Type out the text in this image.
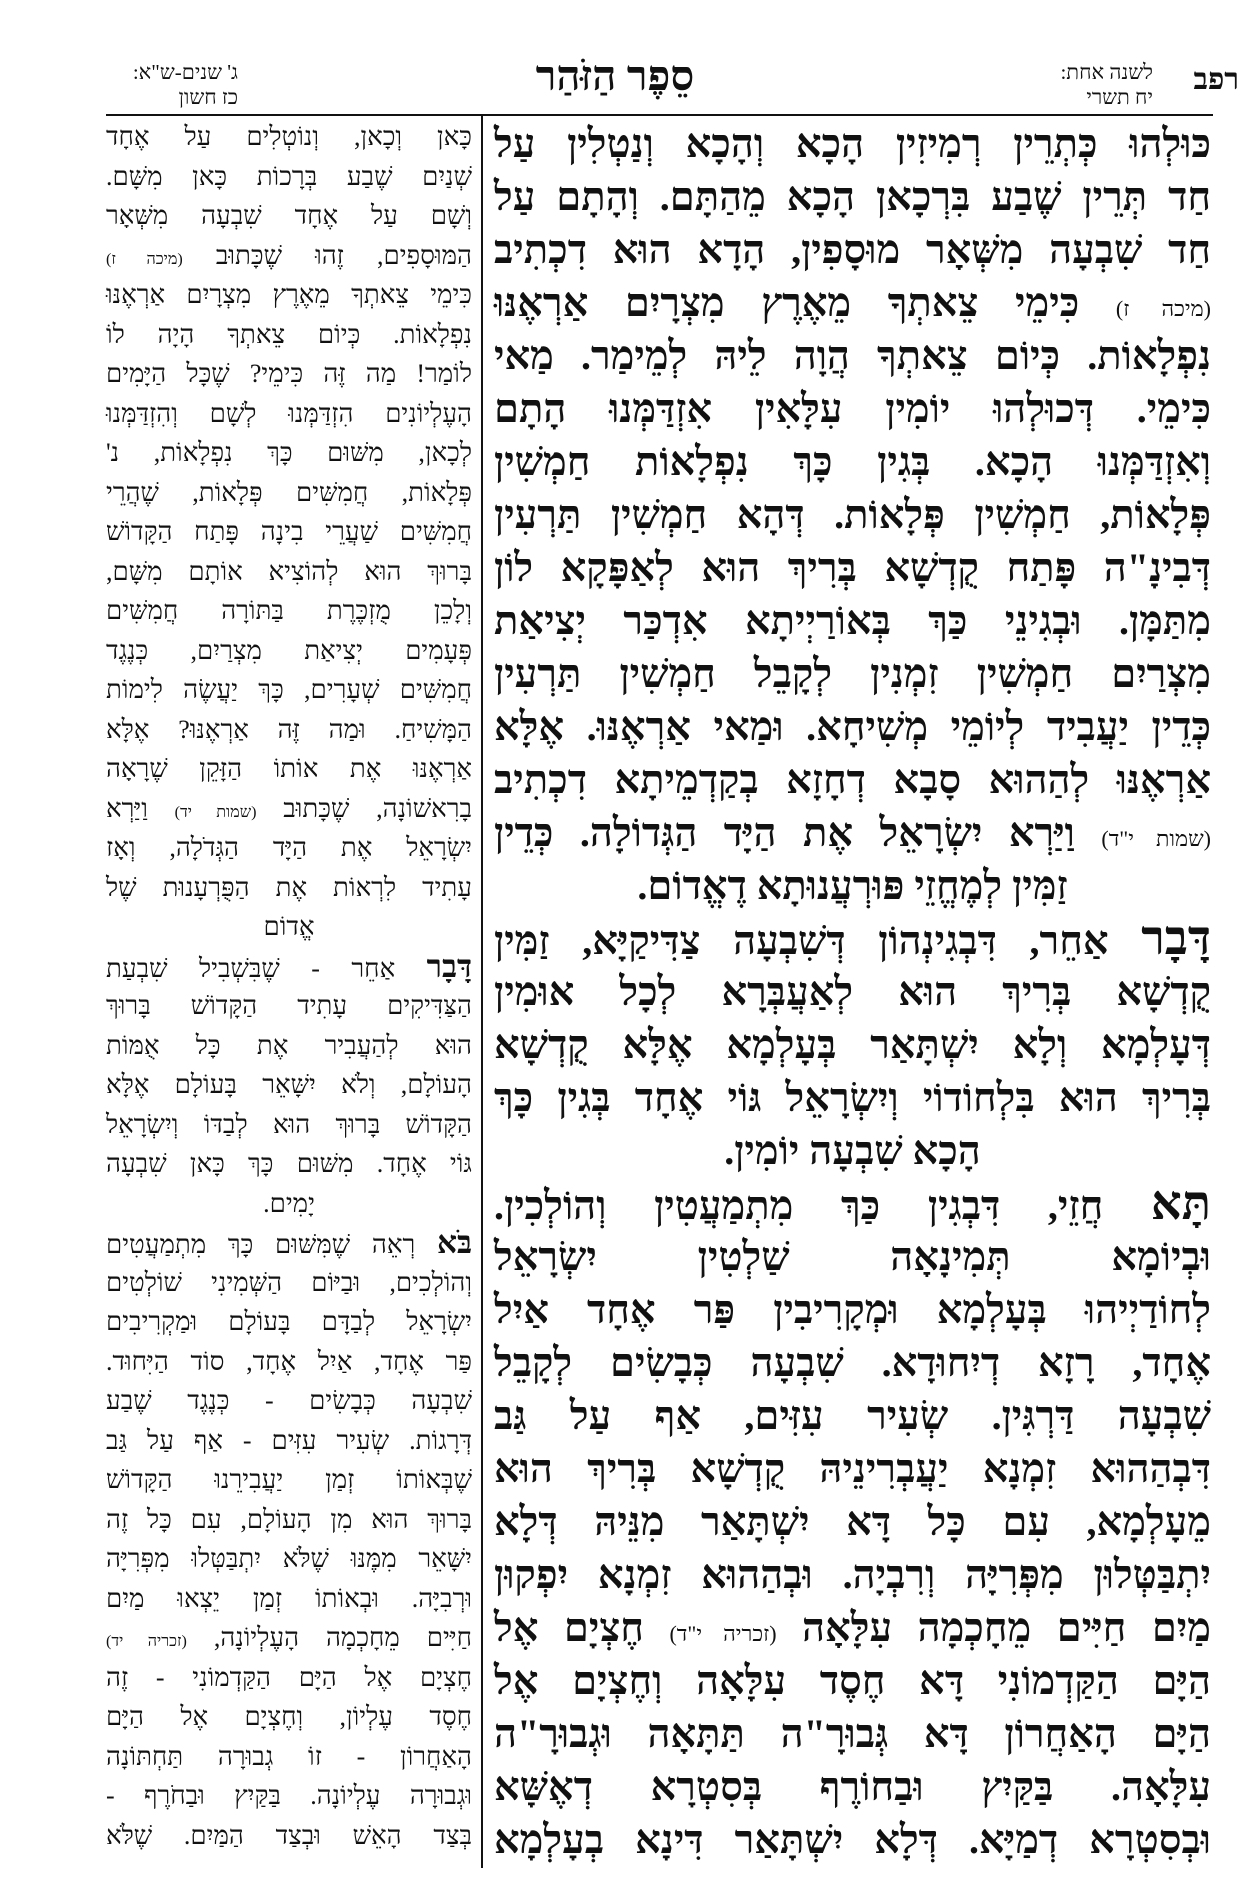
רפב
לשנה אחת:
יח תשרי
סֵפֶר הַזֹּהַר
ג' שנים-ש"א:
כז חשון
כּוּלְהוּ כְּתְרֵין רְמִיזִין הָכָא וְהָכָא וְנַטְלִין עַל
חַד תְּרֵין שֶׁבַע בִּרְכָאן הָכָא מֵהַתָּם. וְהָתָם עַל
חַד שִׁבְעָה מִשְּׁאָר מוּסָפִין, הָדָא הוּא דִכְתִיב
(מיכה ז) כִּימֵי צֵאתְךָ מֵאֶרֶץ מִצְרָיִם אַרְאֶנּוּ
נִפְלָאוֹת. כְּיוֹם צֵאתְךָ הֲוָה לֵיהּ לְמֵימַר. מַאי
כִּימֵי. דְּכוּלְהוּ יוֹמִין עִלָּאִין אִזְדַּמְּנוּ הָתָם
וְאִזְדַּמְּנוּ הָכָא. בְּגִין כָּךְ נִפְלָאוֹת חַמְשִׁין
פְּלָאוֹת, חַמְשִׁין פְּלָאוֹת. דְּהָא חַמְשִׁין תַּרְעִין
דְּבִינָ"ה פָּתַח קֻדְשָׁא בְּרִיךְ הוּא לְאַפָּקָא לוֹן
מִתַּמָּן. וּבְגִינֵי כַּךְ בְּאוֹרַיְיתָא אִדְכַּר יְצִיאַת
מִצְרַיִם חַמְשִׁין זִמְנִין לְקָבֵל חַמְשִׁין תַּרְעִין
כְּדֵין יַעֲבִיד לְיוֹמֵי מְשִׁיחָא. וּמַאי אַרְאֶנּוּ. אֶלָּא
אַרְאֶנּוּ לְהַהוּא סָבָא דְחָזָא בְקַדְמֵיתָא דִכְתִיב
(שמות י"ד) וַיַּרְא יִשְׂרָאֵל אֶת הַיָּד הַגְּדוֹלָה. כְּדֵין
זַמִּין לְמֶחֱזֵי פּוּרְעֲנוּתָא דֶאֱדוֹם.
דָּבָר אַחֵר, דִּבְגִינְהוֹן דְּשִׁבְעָה צַדִּיקַיָּא, זַמִּין
קֻדְשָׁא בְּרִיךְ הוּא לְאַעֲבְּרָא לְכָל אוּמִין
דְּעָלְמָא וְלָא יִשְׁתָּאַר בְּעָלְמָא אֶלָּא קֻדְשָׁא
בְּרִיךְ הוּא בִּלְחוֹדוֹי וְיִשְׂרָאֵל גּוֹי אֶחָד בְּגִין כָּךְ
הָכָא שִׁבְעָה יוֹמִין.
תָּא חֲזֵי, דִּבְגִין כַּךְ מִתְמַעֲטִין וְהוֹלְכִין.
וּבְיוֹמָא תְּמִינָאָה שַׁלְטִין יִשְׂרָאֵל
לְחוֹדַיְיהוּ בְּעָלְמָא וּמְקָרִיבִין פַּר אֶחָד אַיִל
אֶחָד, רָזָא דְיִחוּדָא. שִׁבְעָה כְּבָשִׂים לְקָבֵל
שִׁבְעָה דַּרְגִּין. שְׂעִיר עִזִּים, אַף עַל גַּב
דִּבְהַהוּא זִמְנָא יַעֲבְרִינֵיהּ קֻדְשָׁא בְּרִיךְ הוּא
מֵעָלְמָא, עִם כָּל דָּא יִשְׁתָּאַר מִנֵּיהּ דְּלָא
יִתְבַּטְּלוּן מִפְּרִיָּה וְרִבְיָה. וּבְהַהוּא זִמְנָא יִפְקוּן
מַיִם חַיִּים מֵחָכְמָה עִלָּאָה (זכריה י"ד) חֶצְיָם אֶל
הַיָּם הַקַּדְמוֹנִי דָּא חֶסֶד עִלָּאָה וְחֶצְיָם אֶל
הַיָּם הָאַחֲרוֹן דָּא גְּבוּרָ"ה תַּתָּאָה וּגְבוּרָ"ה
עִלָּאָה. בַּקַּיִץ וּבַחוֹרֶף בְּסִטְרָא דְאֶשָּׁא
וּבְסִטְרָא דְמַיָּא. דְּלָא יִשְׁתָּאַר דִּינָא בְעָלְמָא
כָּאן וְכָאן, וְנוֹטְלִים עַל אֶחָד
שְׁנַיִם שֶׁבַע בְּרָכוֹת כָּאן מִשָּׁם.
וְשָׁם עַל אֶחָד שִׁבְעָה מִשְּׁאָר
הַמּוּסָפִים, זֶהוּ שֶׁכָּתוּב (מיכה ז)
כִּימֵי צֵאתְךָ מֵאֶרֶץ מִצְרָיִם אַרְאֶנּוּ
נִפְלָאוֹת. כְּיוֹם צֵאתְךָ הָיָה לוֹ
לוֹמַר! מַה זֶּה כִּימֵי? שֶׁכָּל הַיָּמִים
הָעֶלְיוֹנִים הִזְדַּמְּנוּ לְשָׁם וְהִזְדַּמְּנוּ
לְכָאן, מִשּׁוּם כָּךְ נִפְלָאוֹת, נ'
פְּלָאוֹת, חֲמִשִּׁים פְּלָאוֹת, שֶׁהֲרֵי
חֲמִשִּׁים שַׁעֲרֵי בִינָה פָּתַח הַקָּדוֹשׁ
בָּרוּךְ הוּא לְהוֹצִיא אוֹתָם מִשָּׁם,
וְלָכֵן מֻזְכֶּרֶת בַּתּוֹרָה חֲמִשִּׁים
פְּעָמִים יְצִיאַת מִצְרַיִם, כְּנֶגֶד
חֲמִשִּׁים שְׁעָרִים, כָּךְ יַעֲשֶׂה לִימוֹת
הַמָּשִׁיחַ. וּמַה זֶּה אַרְאֶנּוּ? אֶלָּא
אַרְאֶנּוּ אֶת אוֹתוֹ הַזָּקֵן שֶׁרָאָה
בָרִאשׁוֹנָה, שֶׁכָּתוּב (שמות יד) וַיַּרְא
יִשְׂרָאֵל אֶת הַיָּד הַגְּדֹלָה, וְאָז
עָתִיד לִרְאוֹת אֶת הַפֻּרְעָנוּת שֶׁל
אֱדוֹם
דָּבָר אַחֵר - שֶׁבִּשְׁבִיל שִׁבְעַת
הַצַּדִּיקִים עָתִיד הַקָּדוֹשׁ בָּרוּךְ
הוּא לְהַעֲבִיר אֶת כָּל אֻמּוֹת
הָעוֹלָם, וְלֹא יִשָּׁאֵר בָּעוֹלָם אֶלָּא
הַקָּדוֹשׁ בָּרוּךְ הוּא לְבַדּוֹ וְיִשְׂרָאֵל
גּוֹי אֶחָד. מִשּׁוּם כָּךְ כָּאן שִׁבְעָה
יָמִים.
בֹּא רְאֵה שֶׁמִּשּׁוּם כָּךְ מִתְמַעֲטִים
וְהוֹלְכִים, וּבַיּוֹם הַשְּׁמִינִי שׁוֹלְטִים
יִשְׂרָאֵל לְבַדָּם בָּעוֹלָם וּמַקְרִיבִים
פַּר אֶחָד, אַיִל אֶחָד, סוֹד הַיִּחוּד.
שִׁבְעָה כְּבָשִׂים - כְּנֶגֶד שֶׁבַע
דְּרָגוֹת. שְׂעִיר עִזִּים - אַף עַל גַּב
שֶׁבְּאוֹתוֹ זְמַן יַעֲבִירֵנוּ הַקָּדוֹשׁ
בָּרוּךְ הוּא מִן הָעוֹלָם, עִם כָּל זֶה
יִשָּׁאֵר מִמֶּנּוּ שֶׁלֹּא יִתְבַּטְּלוּ מִפְּרִיָּה
וּרְבִיָּה. וּבְאוֹתוֹ זְמַן יֵצְאוּ מַיִם
חַיִּים מֵחָכְמָה הָעֶלְיוֹנָה, (זכריה יד)
חֶצְיָם אֶל הַיָּם הַקַּדְמוֹנִי - זֶה
חֶסֶד עֶלְיוֹן, וְחֶצְיָם אֶל הַיָּם
הָאַחֲרוֹן - זוֹ גְבוּרָה תַּחְתּוֹנָה
וּגְבוּרָה עֶלְיוֹנָה. בַּקַּיִץ וּבַחֹרֶף -
בְּצַד הָאֵשׁ וּבְצַד הַמַּיִם. שֶׁלֹּא
